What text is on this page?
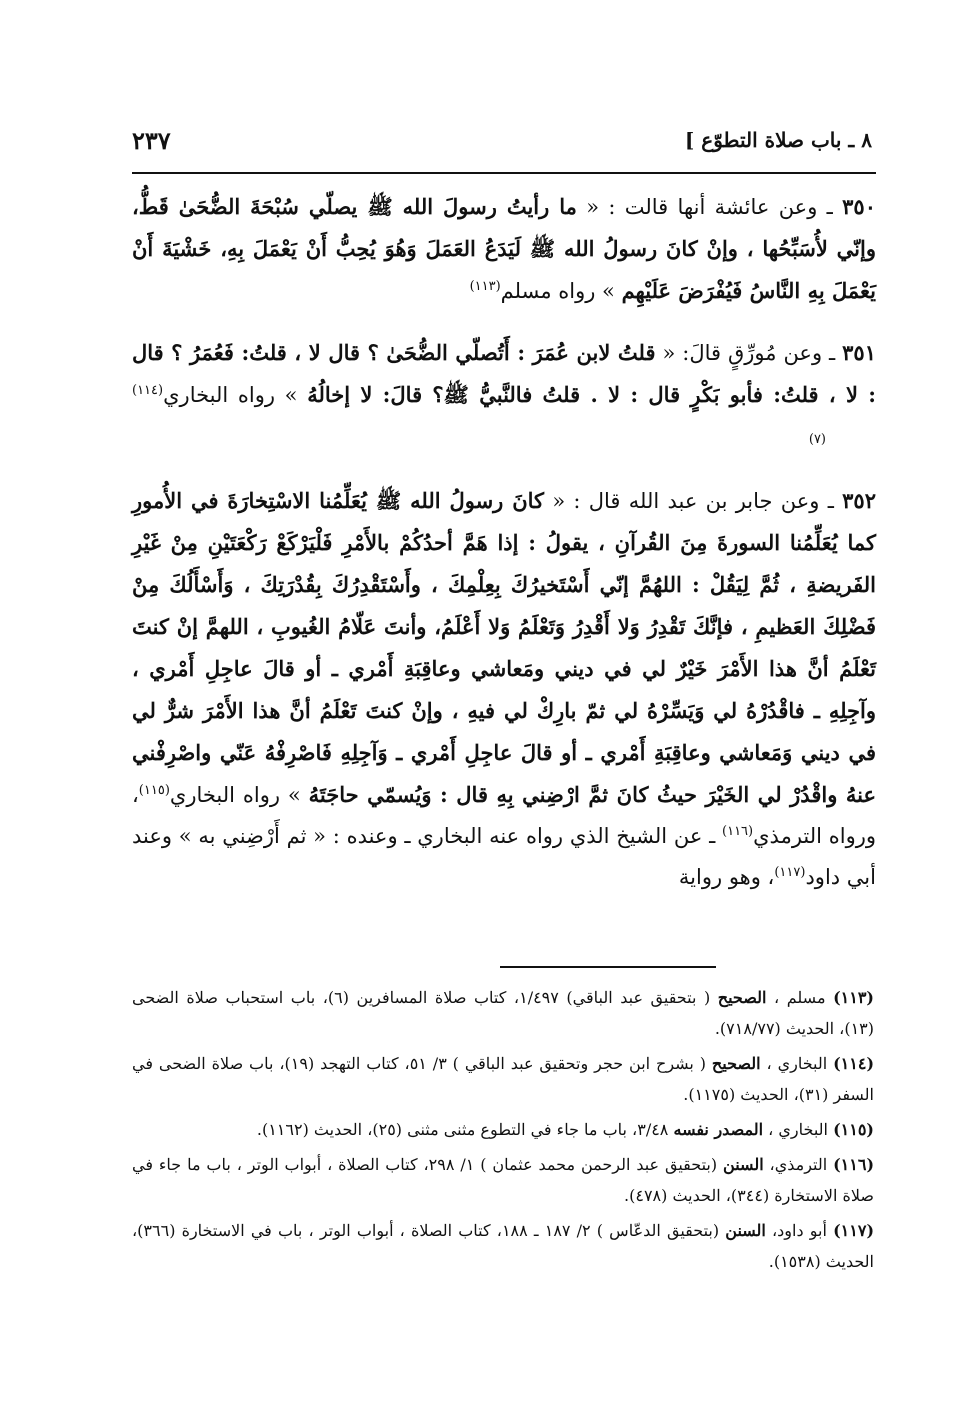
٨ ـ باب صلاة التطوّع ]
٢٣٧

٣٥٠ ـ وعن عائشة أنها قالت : « ما رأيتُ رسولَ الله ﷺ يصلّي سُبْحَةَ الضُّحَىٰ قَطُّ، وإنّي لأُسَبِّحُها ، وإنْ كانَ رسولُ الله ﷺ لَيَدَعُ العَمَلَ وَهُوَ يُحِبُّ أَنْ يَعْمَلَ بِهِ، خَشْيَةَ أَنْ يَعْمَلَ بِهِ النَّاسُ فَيُفْرَضَ عَلَيْهِم » رواه مسلم$^{(١١٣)}$

٣٥١ ـ وعن مُورِّقٍ قالَ: « قلتُ لابن عُمَرَ : أَتُصلّي الضُّحَىٰ ؟ قال لا ، قلتُ: فَعُمَرُ ؟ قال : لا ، قلتُ: فأبو بَكْرٍ قال : لا . قلتُ فالنَّبيُّ ﷺ؟ قالَ: لا إخالُهُ » رواه البخاري$^{(١١٤)}$(٧)

٣٥٢ ـ وعن جابر بن عبد الله قال : « كانَ رسولُ الله ﷺ يُعَلِّمُنا الاسْتِخارَةَ في الأُمورِ كما يُعَلِّمُنا السورةَ مِنَ القُرآنِ ، يقولُ : إذا هَمَّ أحدُكُمْ بالأَمْرِ فَلْيَرْكَعْ رَكْعَتَيْنِ مِنْ غَيْرِ الفَريضةِ ، ثُمَّ لِيَقُلْ : اللهُمَّ إنّي أَسْتَخيرُكَ بِعِلْمِكَ ، وأَسْتَقْدِرُكَ بِقُدْرَتِكَ ، وَأَسْأَلُكَ مِنْ فَضْلِكَ العَظيمِ ، فإنَّكَ تَقْدِرُ وَلا أَقْدِرُ وَتَعْلَمُ وَلا أَعْلَمُ، وأنتَ عَلّامُ الغُيوبِ ، اللهمَّ إنْ كنتَ تَعْلَمُ أنَّ هذا الأَمْرَ خَيْرٌ لي في ديني ومَعاشي وعاقِبَةِ أَمْري ـ أو قالَ عاجِلِ أَمْري ، وآجِلِهِ ـ فاقْدُرْهُ لي وَيَسِّرْهُ لي ثمّ بارِكْ لي فيهِ ، وإنْ كنتَ تَعْلَمُ أنَّ هذا الأَمْرَ شرٌّ لي في ديني وَمَعاشي وعاقِبَةِ أَمْري ـ أو قالَ عاجِلِ أَمْري ـ وَآجِلِهِ فَاصْرِفْهُ عَنّي واصْرِفْني عنهُ واقْدُرْ لي الخَيْرَ حيثُ كانَ ثمَّ ارْضِني بِهِ قال : وَيُسمّي حاجَتَهُ » رواه البخاري$^{(١١٥)}$، ورواه الترمذي$^{(١١٦)}$ ـ عن الشيخ الذي رواه عنه البخاري ـ وعنده : « ثم أَرْضِني به » وعند أبي داود$^{(١١٧)}$، وهو رواية

(١١٣) مسلم ، الصحيح ( بتحقيق عبد الباقي) ١/٤٩٧، كتاب صلاة المسافرين (٦)، باب استحباب صلاة الضحى (١٣)، الحديث (٧١٨/٧٧).

(١١٤) البخاري ، الصحيح ( بشرح ابن حجر وتحقيق عبد الباقي ) ٣/ ٥١، كتاب التهجد (١٩)، باب صلاة الضحى في السفر (٣١)، الحديث (١١٧٥).

(١١٥) البخاري ، المصدر نفسه ٣/٤٨، باب ما جاء في التطوع مثنى مثنى (٢٥)، الحديث (١١٦٢).

(١١٦) الترمذي، السنن (بتحقيق عبد الرحمن محمد عثمان ) ١/ ٢٩٨، كتاب الصلاة ، أبواب الوتر ، باب ما جاء في صلاة الاستخارة (٣٤٤)، الحديث (٤٧٨).

(١١٧) أبو داود، السنن (بتحقيق الدعّاس ) ٢/ ١٨٧ ـ ١٨٨، كتاب الصلاة ، أبواب الوتر ، باب في الاستخارة (٣٦٦)، الحديث (١٥٣٨).
